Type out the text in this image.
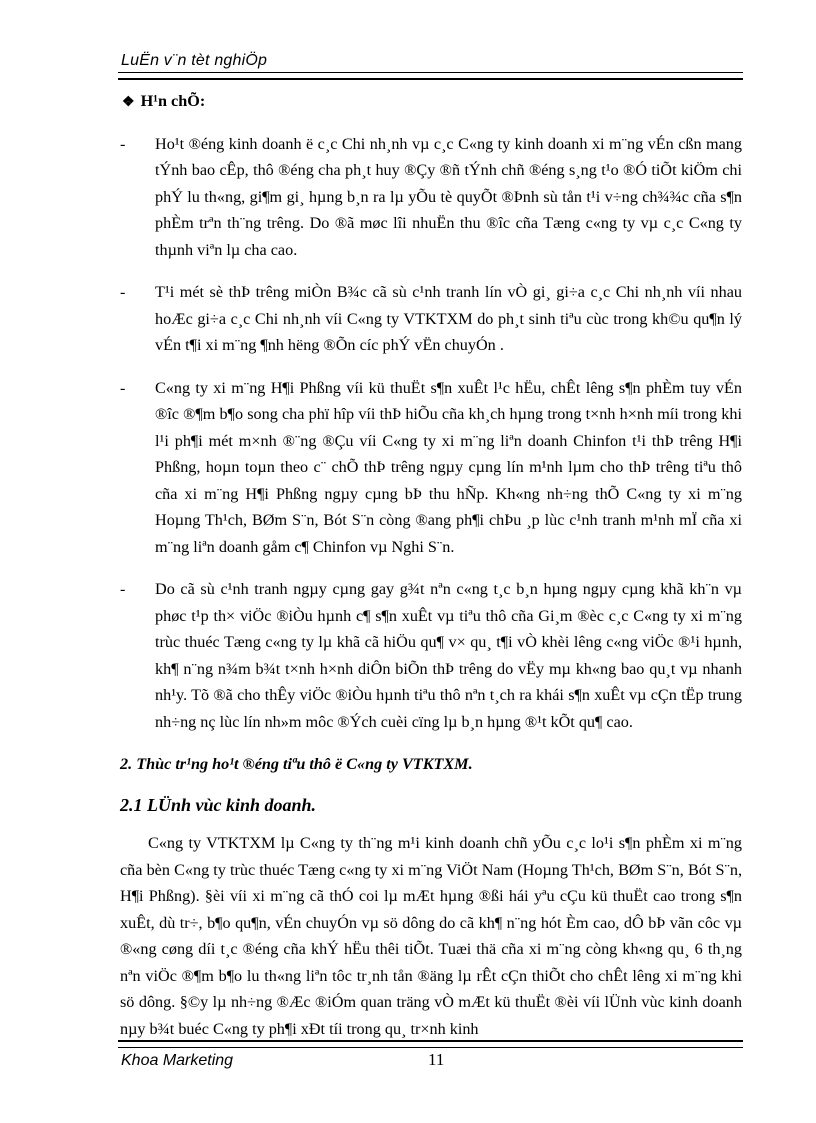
LuËn v¨n tèt nghiÖp
❖ H¹n chÕ:
- Ho¹t ®éng kinh doanh ë c¸c Chi nh¸nh vµ c¸c C«ng ty kinh doanh xi m¨ng vÉn cßn mang tÝnh bao cÊp, thô ®éng cha ph¸t huy ®Çy ®ñ tÝnh chñ ®éng s¸ng t¹o ®Ó tiÕt kiÖm chi phÝ lu th«ng, gi¶m gi¸ hµng b¸n ra lµ yÕu tè quyÕt ®Þnh sù tån t¹i v÷ng ch¾¾c cña s¶n phÈm trªn th¨ng trêng. Do ®ã møc lîi nhuËn thu ®îc cña Tæng c«ng ty vµ c¸c C«ng ty thµnh viªn lµ cha cao.
- T¹i mét sè thÞ trêng miÒn B¾c cã sù c¹nh tranh lín vÒ gi¸ gi÷a c¸c Chi nh¸nh víi nhau hoÆc gi÷a c¸c Chi nh¸nh víi C«ng ty VTKTXM do ph¸t sinh tiªu cùc trong kh©u qu¶n lý vÉn t¶i xi m¨ng ¶nh hëng ®Õn cíc phÝ vËn chuyÓn .
- C«ng ty xi m¨ng H¶i Phßng víi kü thuËt s¶n xuÊt l¹c hËu, chÊt lêng s¶n phÈm tuy vÉn ®îc ®¶m b¶o song cha phï hîp víi thÞ hiÕu cña kh¸ch hµng trong t×nh h×nh míi trong khi l¹i ph¶i mét m×nh ®¨ng ®Çu víi C«ng ty xi m¨ng liªn doanh Chinfon t¹i thÞ trêng H¶i Phßng, hoµn toµn theo c¨ chÕ thÞ trêng ngµy cµng lín m¹nh lµm cho thÞ trêng tiªu thô cña xi m¨ng H¶i Phßng ngµy cµng bÞ thu hÑp. Kh«ng nh÷ng thÕ C«ng ty xi m¨ng Hoµng Th¹ch, BØm S¨n, Bót S¨n còng ®ang ph¶i chÞu ¸p lùc c¹nh tranh m¹nh mÏ cña xi m¨ng liªn doanh gåm c¶ Chinfon vµ Nghi S¨n.
- Do cã sù c¹nh tranh ngµy cµng gay g¾t nªn c«ng t¸c b¸n hµng ngµy cµng khã kh¨n vµ phøc t¹p th× viÖc ®iÒu hµnh c¶ s¶n xuÊt vµ tiªu thô cña Gi¸m ®èc c¸c C«ng ty xi m¨ng trùc thuéc Tæng c«ng ty lµ khã cã hiÖu qu¶ v× qu¸ t¶i vÒ khèi lêng c«ng viÖc ®¹i hµnh, kh¶ n¨ng n¾m b¾t t×nh h×nh diÔn biÕn thÞ trêng do vËy mµ kh«ng bao qu¸t vµ nhanh nh¹y. Tõ ®ã cho thÊy viÖc ®iÒu hµnh tiªu thô nªn t¸ch ra khái s¶n xuÊt vµ cÇn tËp trung nh÷ng nç lùc lín nh»m môc ®Ých cuèi cïng lµ b¸n hµng ®¹t kÕt qu¶ cao.
2. Thùc tr¹ng ho¹t ®éng tiªu thô ë C«ng ty VTKTXM.
2.1 LÜnh vùc kinh doanh.

C«ng ty VTKTXM lµ C«ng ty th¨ng m¹i kinh doanh chñ yÕu c¸c lo¹i s¶n phÈm xi m¨ng cña bèn C«ng ty trùc thuéc Tæng c«ng ty xi m¨ng ViÖt Nam (Hoµng Th¹ch, BØm S¨n, Bót S¨n, H¶i Phßng). §èi víi xi m¨ng cã thÓ coi lµ mÆt hµng ®ßi hái yªu cÇu kü thuËt cao trong s¶n xuÊt, dù tr÷, b¶o qu¶n, vÉn chuyÓn vµ sö dông do cã kh¶ n¨ng hót Èm cao, dÔ bÞ vãn côc vµ ®«ng cøng díi t¸c ®éng cña khÝ hËu thêi tiÕt. Tuæi thä cña xi m¨ng còng kh«ng qu¸ 6 th¸ng nªn viÖc ®¶m b¶o lu th«ng liªn tôc tr¸nh tån ®äng lµ rÊt cÇn thiÕt cho chÊt lêng xi m¨ng khi sö dông. §©y lµ nh÷ng ®Æc ®iÓm quan träng vÒ mÆt kü thuËt ®èi víi lÜnh vùc kinh doanh nµy b¾t buéc C«ng ty ph¶i xÐt tíi trong qu¸ tr×nh kinh

Khoa Marketing	11
